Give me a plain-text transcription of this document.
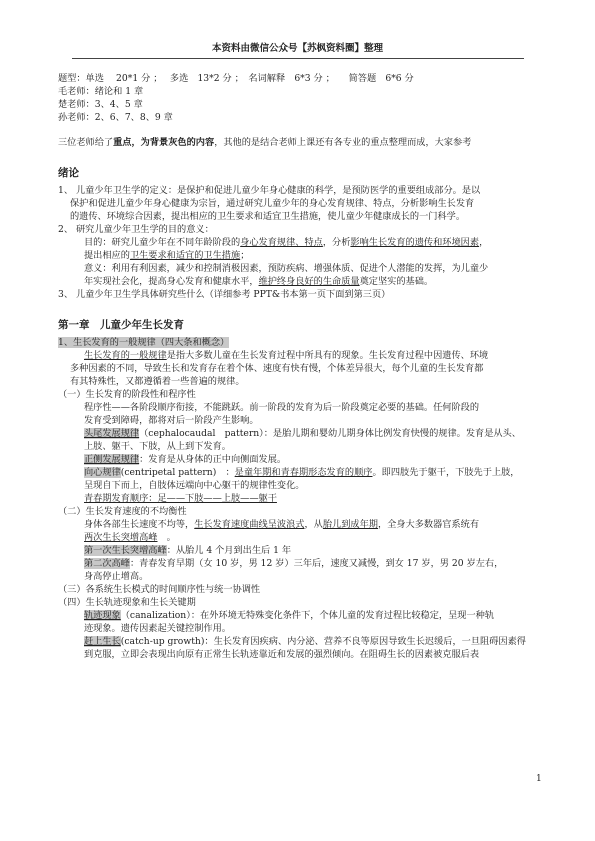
本资料由微信公众号【苏枫资料圈】整理
题型：单选　 20*1 分 ；　 多选　13*2 分 ；　名词解释　6*3 分 ；　　简答题　6*6 分
毛老师：绪论和 1 章
楚老师：3、4、5 章
孙老师：2、6、7、8、9 章
三位老师给了重点，为背景灰色的内容，其他的是结合老师上课还有各专业的重点整理而成，大家参考
绪论
1、 儿童少年卫生学的定义：是保护和促进儿童少年身心健康的科学，是预防医学的重要组成部分。是以
保护和促进儿童少年身心健康为宗旨，通过研究儿童少年的身心发育规律、特点，分析影响生长发育
的遗传、环境综合因素，提出相应的卫生要求和适宜卫生措施，使儿童少年健康成长的一门科学。
2、 研究儿童少年卫生学的目的意义：
目的：研究儿童少年在不同年龄阶段的身心发育规律、特点，分析影响生长发育的遗传和环境因素，
提出相应的卫生要求和适宜的卫生措施；
意义：利用有利因素，减少和控制消极因素，预防疾病、增强体质、促进个人潜能的发挥，为儿童少
年实现社会化，提高身心发育和健康水平，维护终身良好的生命质量奠定坚实的基础。
3、 儿童少年卫生学具体研究些什么（详细参考 PPT&书本第一页下面到第三页）
第一章　儿童少年生长发育
1、生长发育的一般规律（四大条和概念）
生长发育的一般规律是指大多数儿童在生长发育过程中所具有的现象。生长发育过程中因遗传、环境
多种因素的不同，导致生长和发育存在着个体、速度有快有慢，个体差异很大，每个儿童的生长发育都
有其特殊性，又都遵循着一些普遍的规律。
（一）生长发育的阶段性和程序性
程序性——各阶段顺序衔接，不能跳跃。前一阶段的发育为后一阶段奠定必要的基础。任何阶段的
发育受到障碍，都将对后一阶段产生影响。
头尾发展规律（cephalocaudal　pattern）：是胎儿期和婴幼儿期身体比例发育快慢的规律。发育是从头、
上肢、躯干、下肢，从上到下发育。
正侧发展规律：发育是从身体的正中向侧面发展。
向心规律(centripetal pattern)　：是童年期和青春期形态发育的顺序。即四肢先于躯干，下肢先于上肢，
呈现自下而上，自肢体远端向中心躯干的规律性变化。
青春期发育顺序：足——下肢——上肢——躯干
（二）生长发育速度的不均衡性
身体各部生长速度不均等，生长发育速度曲线呈波浪式，从胎儿到成年期，全身大多数器官系统有
两次生长突增高峰　。
第一次生长突增高峰：从胎儿 4 个月到出生后 1 年
第二次高峰：青春发育早期（女 10 岁，男 12 岁）三年后，速度又减慢，到女 17 岁，男 20 岁左右，
身高停止增高。
（三）各系统生长模式的时间顺序性与统一协调性
（四）生长轨迹现象和生长关键期
轨迹现象（canalization）：在外环境无特殊变化条件下，个体儿童的发育过程比较稳定，呈现一种轨
迹现象。遗传因素起关键控制作用。
赶上生长(catch-up growth)：生长发育因疾病、内分泌、营养不良等原因导致生长迟缓后，一旦阻碍因素得
到克服，立即会表现出向原有正常生长轨迹靠近和发展的强烈倾向。在阻碍生长的因素被克服后表
1
